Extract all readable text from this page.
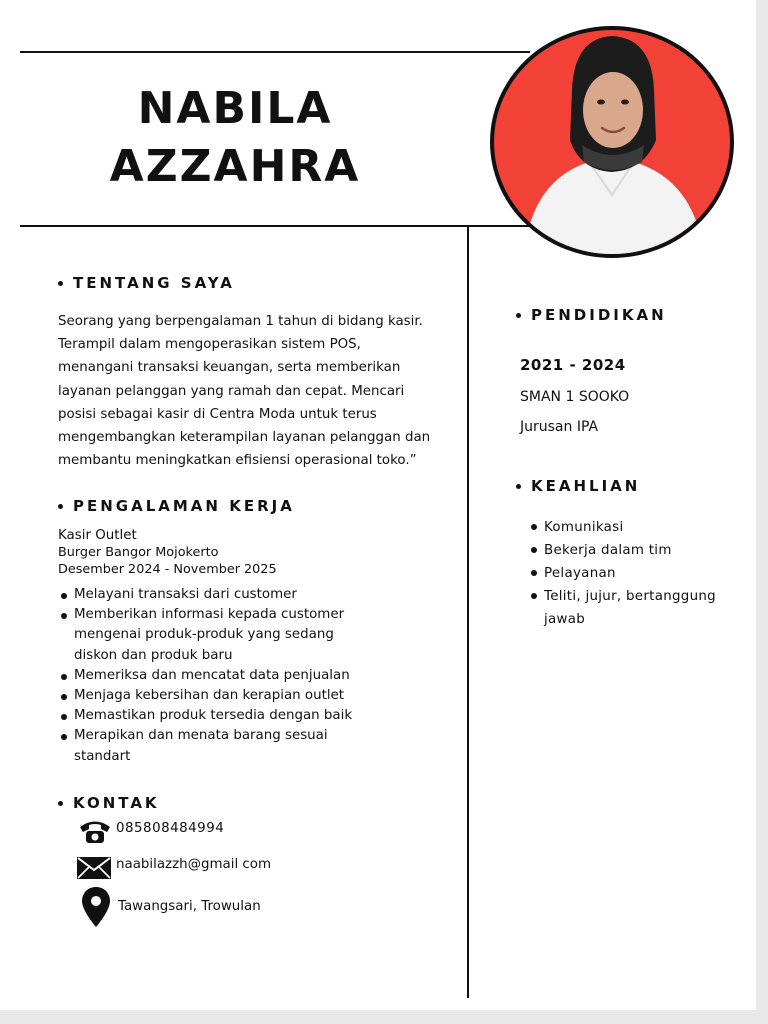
NABILA
AZZAHRA
TENTANG SAYA
Seorang yang berpengalaman 1 tahun di bidang kasir. Terampil dalam mengoperasikan sistem POS, menangani transaksi keuangan, serta memberikan layanan pelanggan yang ramah dan cepat. Mencari posisi sebagai kasir di Centra Moda untuk terus mengembangkan keterampilan layanan pelanggan dan membantu meningkatkan efisiensi operasional toko.”
PENGALAMAN KERJA
Kasir Outlet
Burger Bangor Mojokerto
Desember 2024 - November 2025
Melayani transaksi dari customer
Memberikan informasi kepada customer mengenai produk-produk yang sedang diskon dan produk baru
Memeriksa dan mencatat data penjualan
Menjaga kebersihan dan kerapian outlet
Memastikan produk tersedia dengan baik
Merapikan dan menata barang sesuai standart
KONTAK
085808484994
naabilazzh@gmail com
Tawangsari, Trowulan
PENDIDIKAN
2021 - 2024
SMAN 1 SOOKO
Jurusan IPA
KEAHLIAN
Komunikasi
Bekerja dalam tim
Pelayanan
Teliti, jujur, bertanggung jawab
